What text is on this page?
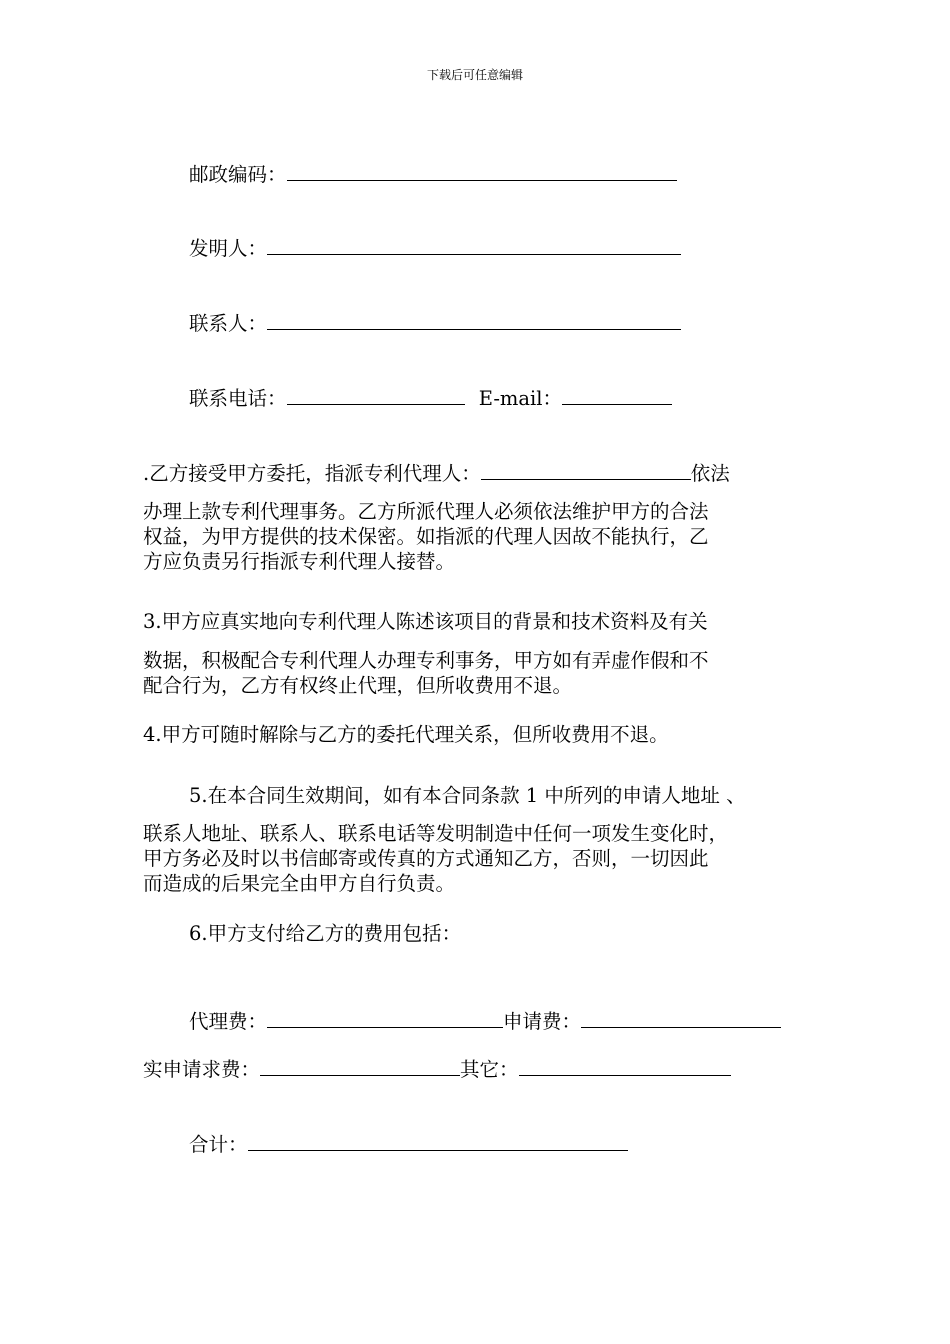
下载后可任意编辑
邮政编码：
发明人：
联系人：
联系电话：	E-mail：
.乙方接受甲方委托，指派专利代理人：	依法
办理上款专利代理事务。乙方所派代理人必须依法维护甲方的合法
权益，为甲方提供的技术保密。如指派的代理人因故不能执行，乙
方应负责另行指派专利代理人接替。
3.甲方应真实地向专利代理人陈述该项目的背景和技术资料及有关
数据，积极配合专利代理人办理专利事务，甲方如有弄虚作假和不
配合行为，乙方有权终止代理，但所收费用不退。
4.甲方可随时解除与乙方的委托代理关系，但所收费用不退。
5.在本合同生效期间，如有本合同条款 1 中所列的申请人地址 、
联系人地址、联系人、联系电话等发明制造中任何一项发生变化时，
甲方务必及时以书信邮寄或传真的方式通知乙方，否则，一切因此
而造成的后果完全由甲方自行负责。
6.甲方支付给乙方的费用包括：
代理费：	申请费：
实申请求费：	其它：
合计：
